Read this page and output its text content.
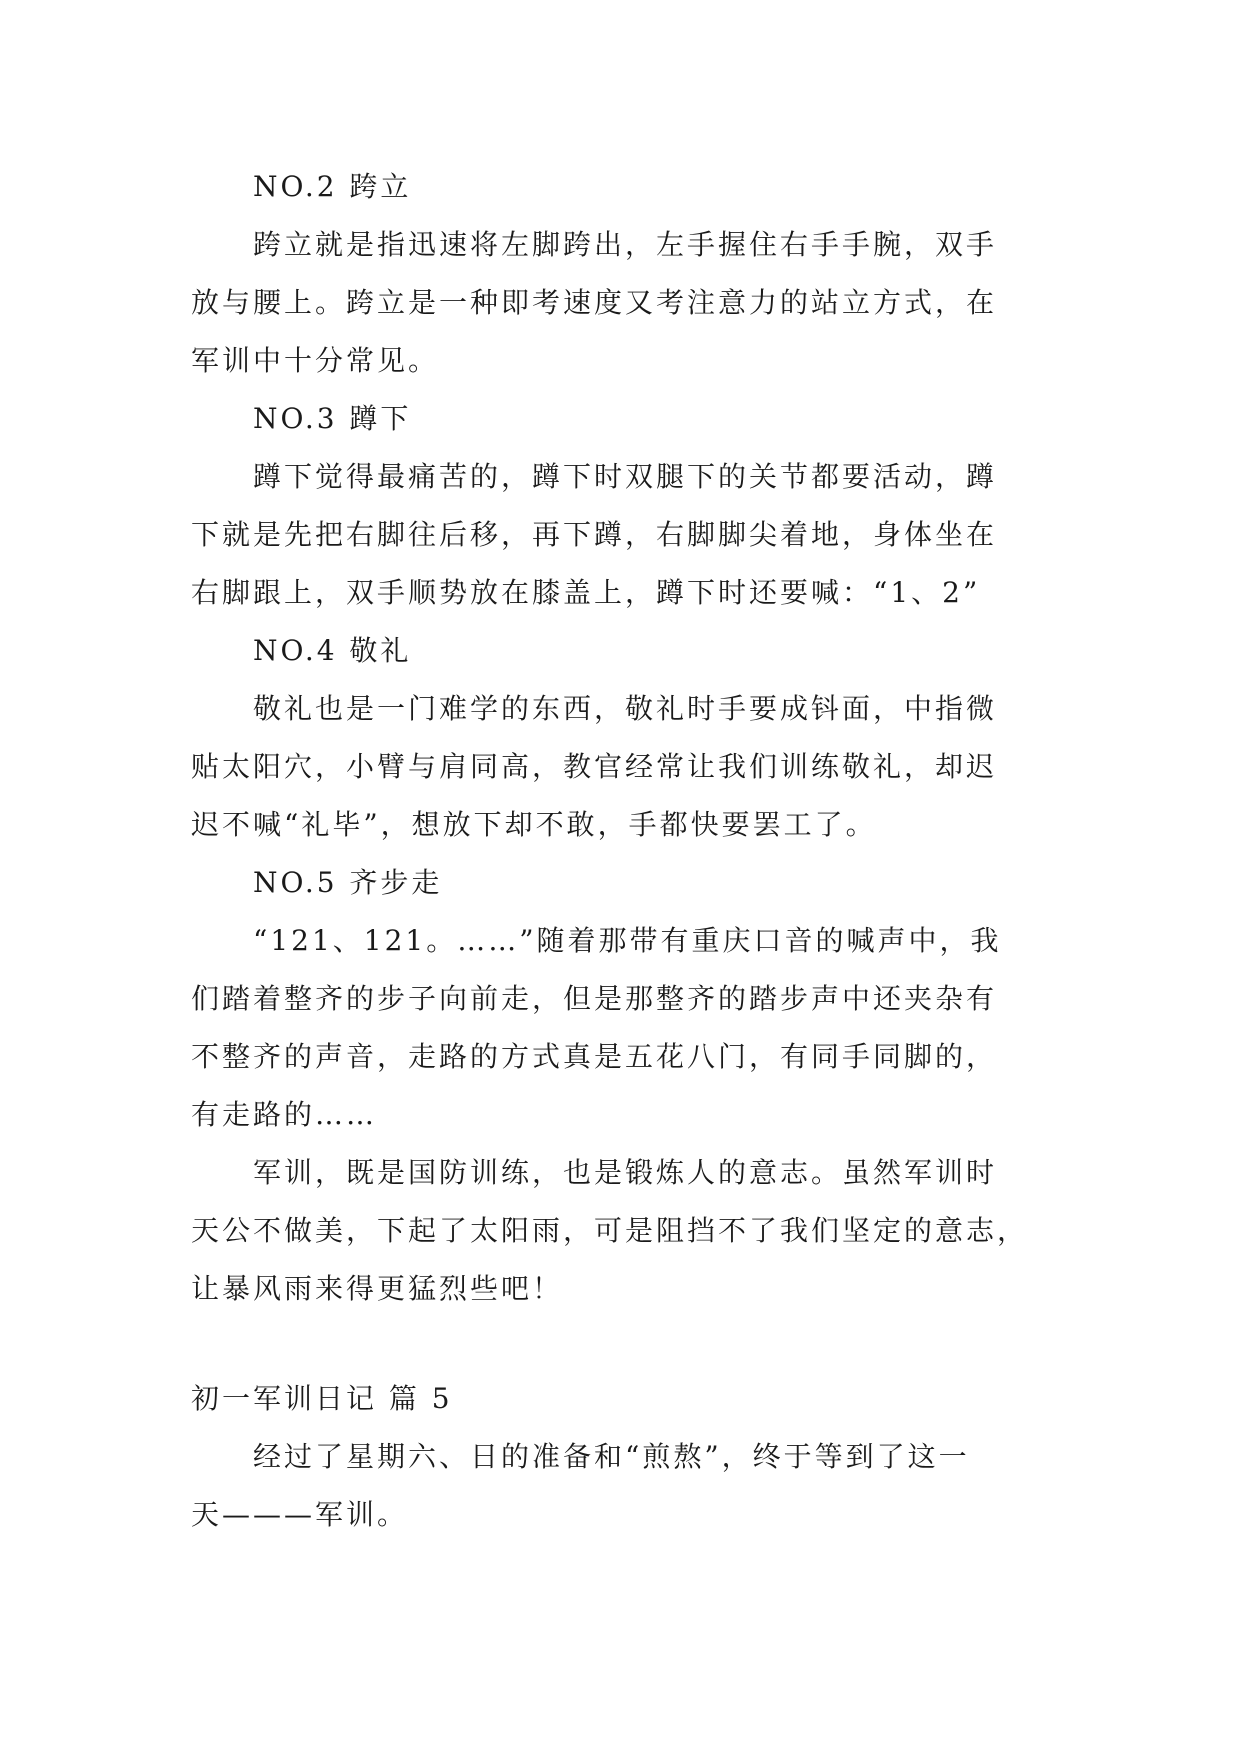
NO.2 跨立
跨立就是指迅速将左脚跨出，左手握住右手手腕，双手
放与腰上。跨立是一种即考速度又考注意力的站立方式，在
军训中十分常见。
NO.3 蹲下
蹲下觉得最痛苦的，蹲下时双腿下的关节都要活动，蹲
下就是先把右脚往后移，再下蹲，右脚脚尖着地，身体坐在
右脚跟上，双手顺势放在膝盖上，蹲下时还要喊：“1、2”
NO.4 敬礼
敬礼也是一门难学的东西，敬礼时手要成钭面，中指微
贴太阳穴，小臂与肩同高，教官经常让我们训练敬礼，却迟
迟不喊“礼毕”，想放下却不敢，手都快要罢工了。
NO.5 齐步走
“121、121。……”随着那带有重庆口音的喊声中，我
们踏着整齐的步子向前走，但是那整齐的踏步声中还夹杂有
不整齐的声音，走路的方式真是五花八门，有同手同脚的，
有走路的……
军训，既是国防训练，也是锻炼人的意志。虽然军训时
天公不做美，下起了太阳雨，可是阻挡不了我们坚定的意志，
让暴风雨来得更猛烈些吧！
初一军训日记 篇 5
经过了星期六、日的准备和“煎熬”，终于等到了这一
天———军训。
